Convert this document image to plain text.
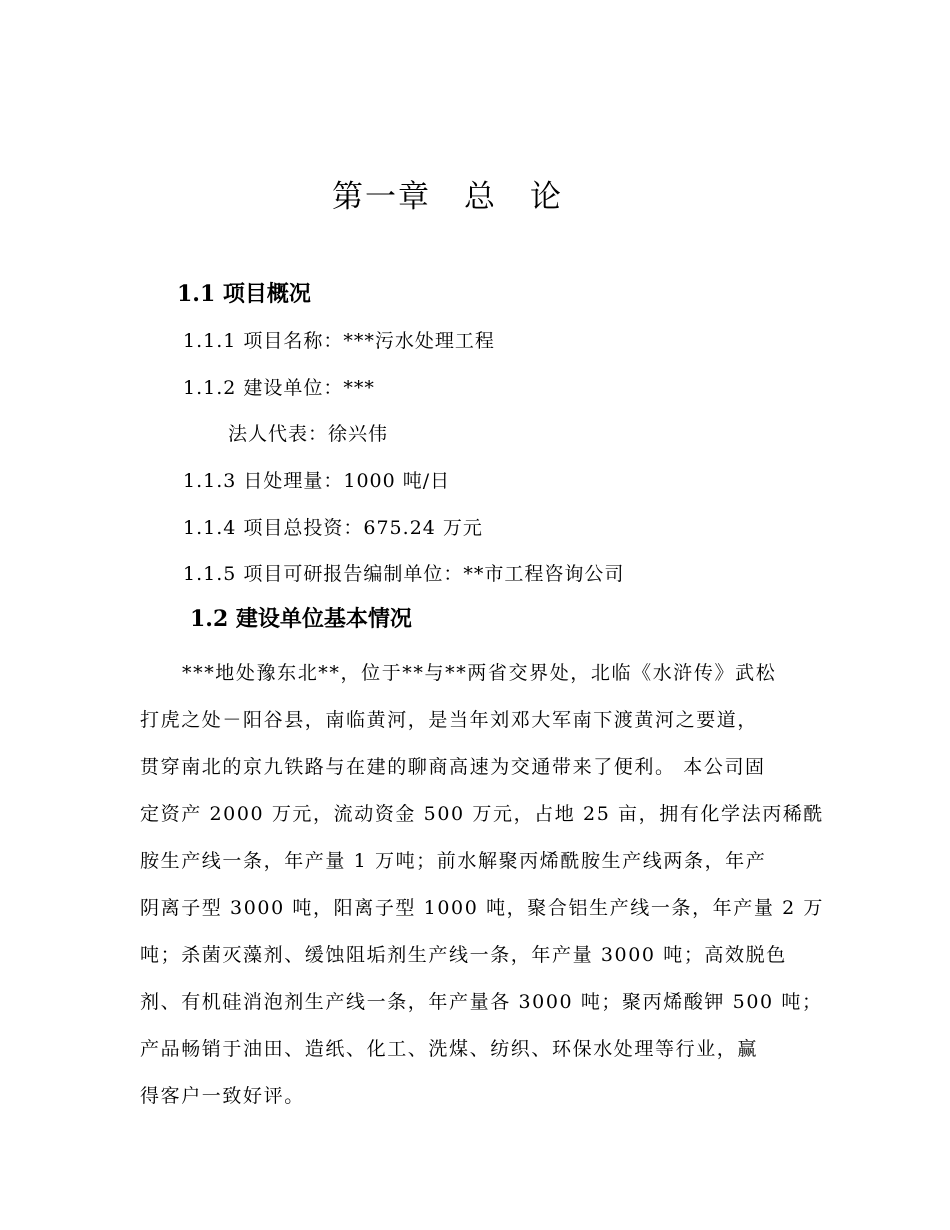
第一章　总　论
1.1 项目概况
1.1.1 项目名称：***污水处理工程
1.1.2 建设单位：***
法人代表：徐兴伟
1.1.3 日处理量：1000 吨/日
1.1.4 项目总投资：675.24 万元
1.1.5 项目可研报告编制单位：**市工程咨询公司
1.2 建设单位基本情况
***地处豫东北**，位于**与**两省交界处，北临《水浒传》武松
打虎之处－阳谷县，南临黄河，是当年刘邓大军南下渡黄河之要道，
贯穿南北的京九铁路与在建的聊商高速为交通带来了便利。 本公司固
定资产 2000 万元，流动资金 500 万元，占地 25 亩，拥有化学法丙稀酰
胺生产线一条，年产量 1 万吨；前水解聚丙烯酰胺生产线两条，年产
阴离子型 3000 吨，阳离子型 1000 吨，聚合铝生产线一条，年产量 2 万
吨；杀菌灭藻剂、缓蚀阻垢剂生产线一条，年产量 3000 吨；高效脱色
剂、有机硅消泡剂生产线一条，年产量各 3000 吨；聚丙烯酸钾 500 吨；
产品畅销于油田、造纸、化工、洗煤、纺织、环保水处理等行业，赢
得客户一致好评。
